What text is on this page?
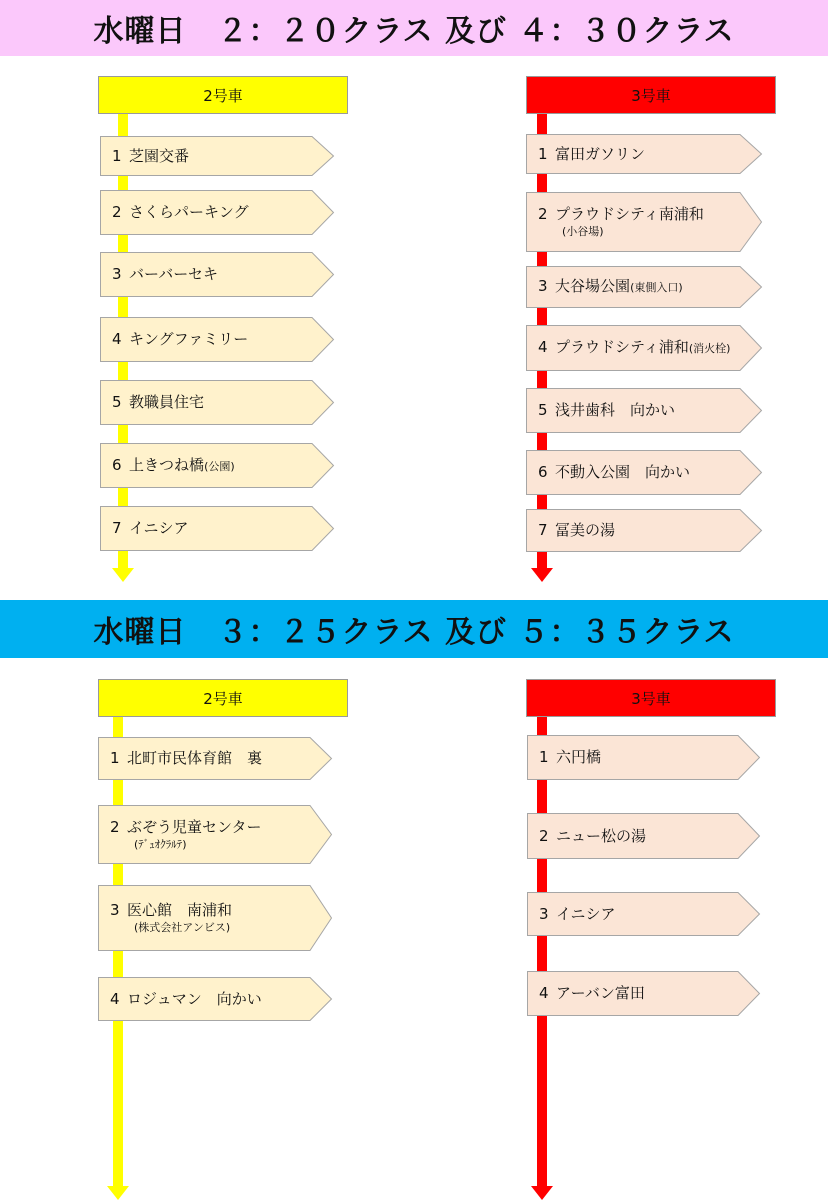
水曜日　２：２０クラス 及び ４：３０クラス
2号車	3号車
1  芝園交番
2  さくらパーキング
3  バーバーセキ
4  キングファミリー
5  教職員住宅
6  上きつね橋(公園)
7  イニシア
1  富田ガソリン
2  プラウドシティ南浦和
(小谷場)
3  大谷場公園(東側入口)
4  プラウドシティ浦和(消火栓)
5  浅井歯科　向かい
6  不動入公園　向かい
7  冨美の湯
水曜日　３：２５クラス 及び ５：３５クラス
2号車	3号車
1  北町市民体育館　裏
2  ぶぞう児童センター
(ﾃﾞｭｵｸﾗﾙﾃ)
3  医心館　南浦和
(株式会社アンビス)
4  ロジュマン　向かい
1  六円橋
2  ニュー松の湯
3  イニシア
4  アーバン富田
